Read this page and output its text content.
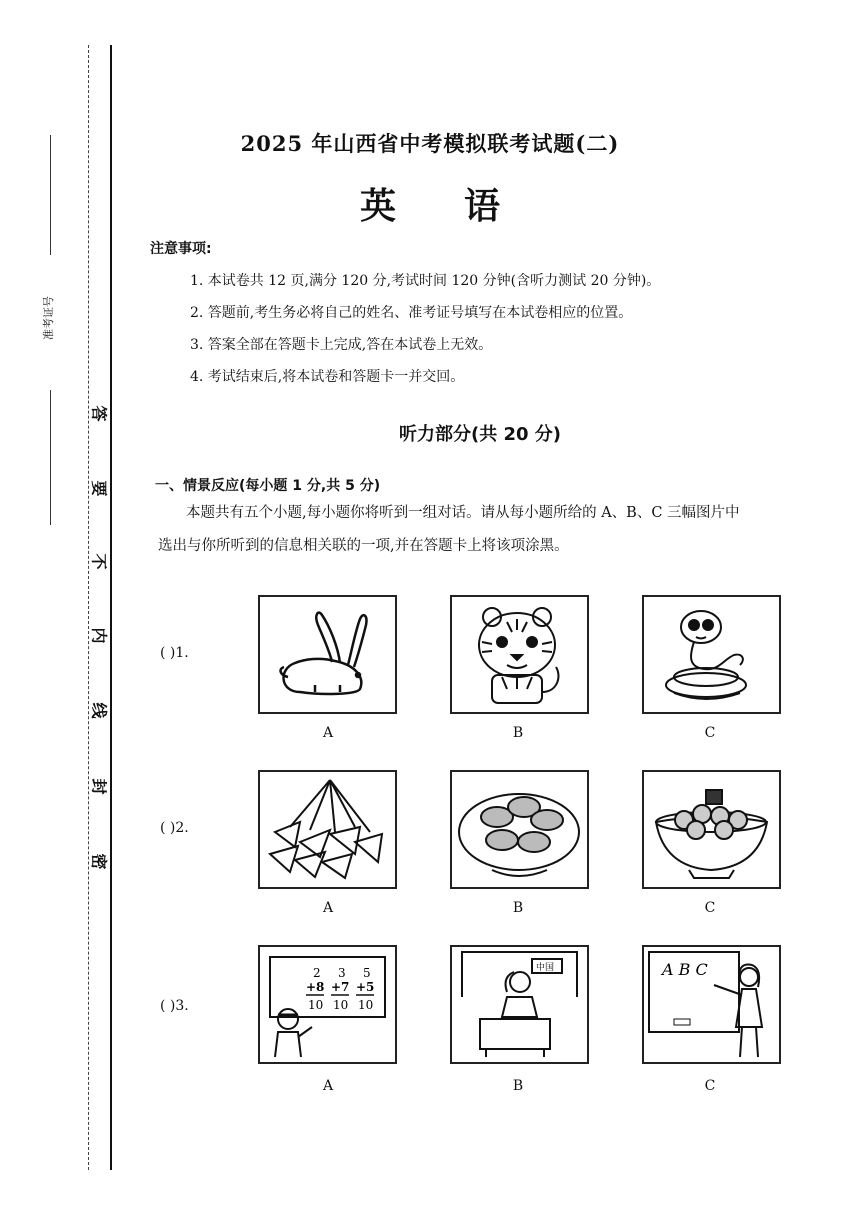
准考证号
答
要
不
内
线
封
密
2025 年山西省中考模拟联考试题(二)
英 语
注意事项:
1. 本试卷共 12 页,满分 120 分,考试时间 120 分钟(含听力测试 20 分钟)。
2. 答题前,考生务必将自己的姓名、准考证号填写在本试卷相应的位置。
3. 答案全部在答题卡上完成,答在本试卷上无效。
4. 考试结束后,将本试卷和答题卡一并交回。
听力部分(共 20 分)
一、情景反应(每小题 1 分,共 5 分)
本题共有五个小题,每小题你将听到一组对话。请从每小题所给的 A、B、C 三幅图片中
选出与你所听到的信息相关联的一项,并在答题卡上将该项涂黑。
( )1.
A	B	C
( )2.
A	B	C
( )3.
2 3 5
+8 +7 +5
10 10 10
中国	A B C
A	B	C
